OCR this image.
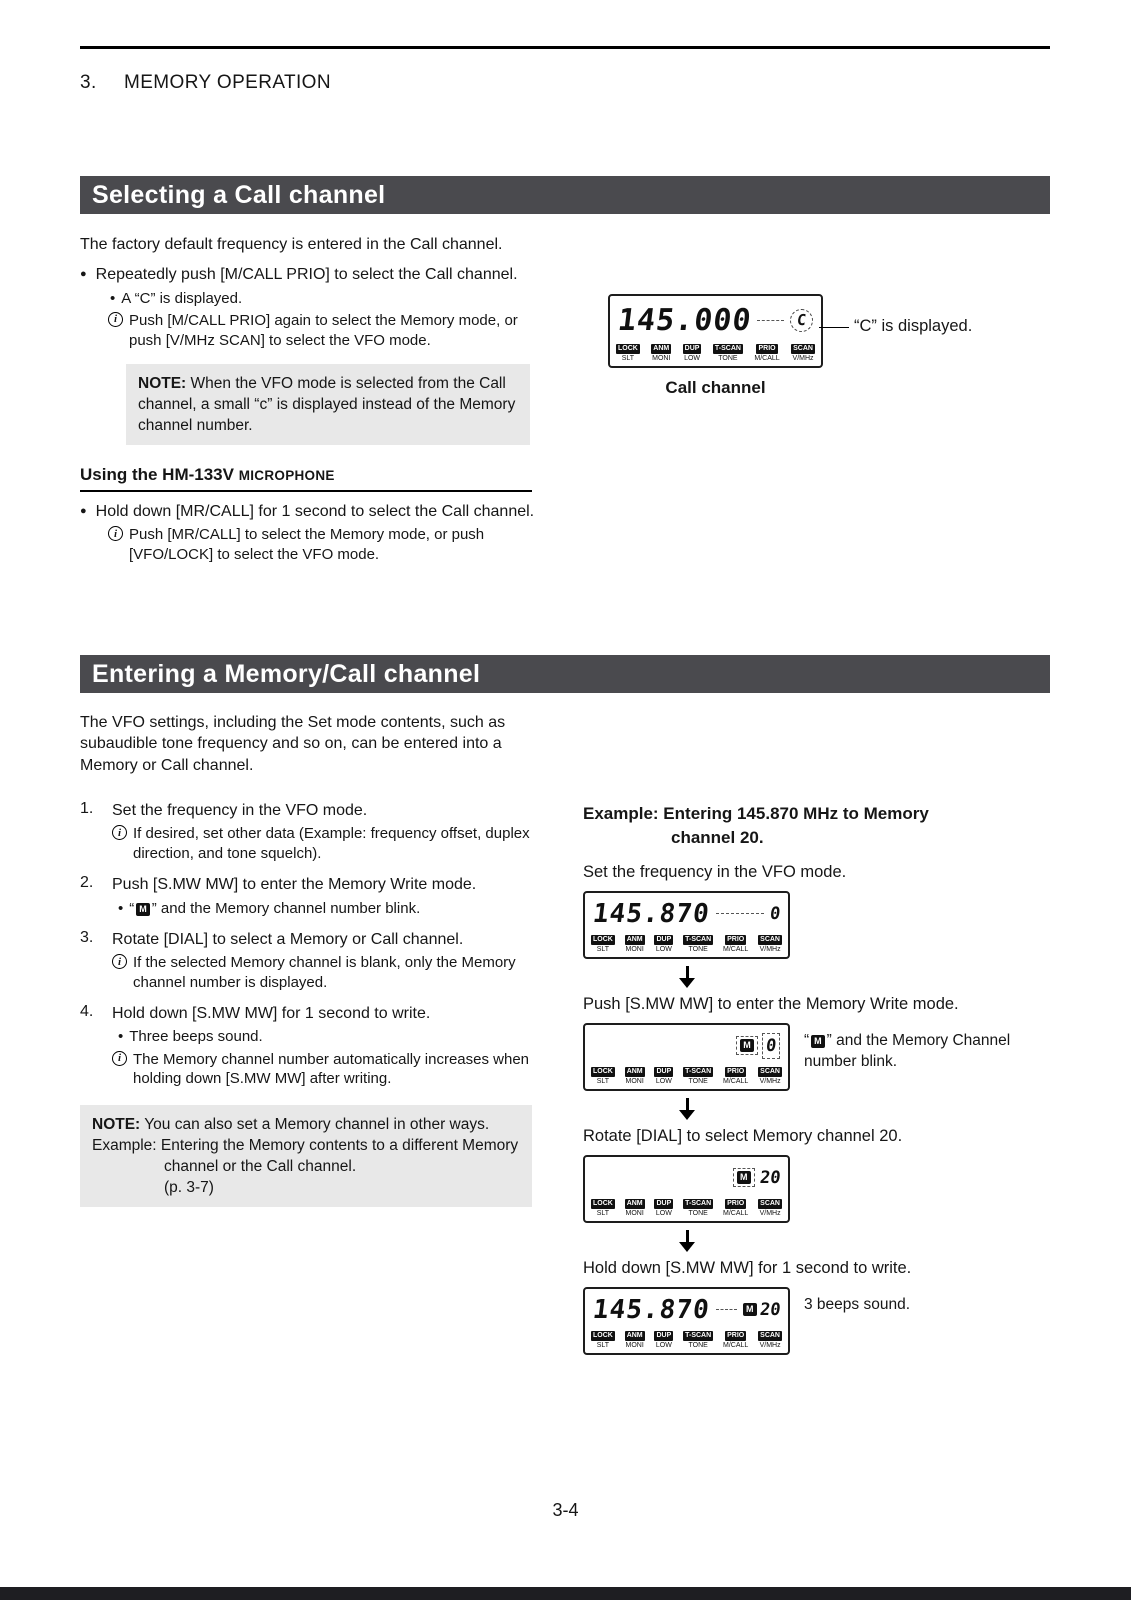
3. MEMORY OPERATION
Selecting a Call channel

The factory default frequency is entered in the Call channel.

● Repeatedly push [M/CALL PRIO] to select the Call channel.
• A “C” is displayed.
i Push [M/CALL PRIO] again to select the Memory mode, or push [V/MHz SCAN] to select the VFO mode.
NOTE: When the VFO mode is selected from the Call channel, a small “c” is displayed instead of the Memory channel number.
Using the HM-133V MICROPHONE
● Hold down [MR/CALL] for 1 second to select the Call channel.
i Push [MR/CALL] to select the Memory mode, or push [VFO/LOCK] to select the VFO mode.
145.000	C
LOCK
SLT
ANM
MONI
DUP
LOW
T-SCAN
TONE
PRIO
M/CALL
SCAN
V/MHz
“C” is displayed.
Call channel
Entering a Memory/Call channel

The VFO settings, including the Set mode contents, such as subaudible tone frequency and so on, can be entered into a Memory or Call channel.

1.	Set the frequency in the VFO mode.
i If desired, set other data (Example: frequency offset, duplex direction, and tone squelch).
2.	Push [S.MW MW] to enter the Memory Write mode.
• “ M ” and the Memory channel number blink.
3.	Rotate [DIAL] to select a Memory or Call channel.
i If the selected Memory channel is blank, only the Memory channel number is displayed.
4.	Hold down [S.MW MW] for 1 second to write.
• Three beeps sound.
i The Memory channel number automatically increases when holding down [S.MW MW] after writing.
NOTE: You can also set a Memory channel in other ways.
Example: Entering the Memory contents to a different Memory channel or the Call channel.
(p. 3-7)

Example: Entering 145.870 MHz to Memory
channel 20.

Set the frequency in the VFO mode.

145.870	0
LOCK
SLT
ANM
MONI
DUP
LOW
T-SCAN
TONE
PRIO
M/CALL
SCAN
V/MHz

Push [S.MW MW] to enter the Memory Write mode.

M 0
LOCK
SLT
ANM
MONI
DUP
LOW
T-SCAN
TONE
PRIO
M/CALL
SCAN
V/MHz
“ M ” and the Memory Channel number blink.

Rotate [DIAL] to select Memory channel 20.

M 20
LOCK
SLT
ANM
MONI
DUP
LOW
T-SCAN
TONE
PRIO
M/CALL
SCAN
V/MHz

Hold down [S.MW MW] for 1 second to write.

145.870	M 20
LOCK
SLT
ANM
MONI
DUP
LOW
T-SCAN
TONE
PRIO
M/CALL
SCAN
V/MHz
3 beeps sound.
3-4
